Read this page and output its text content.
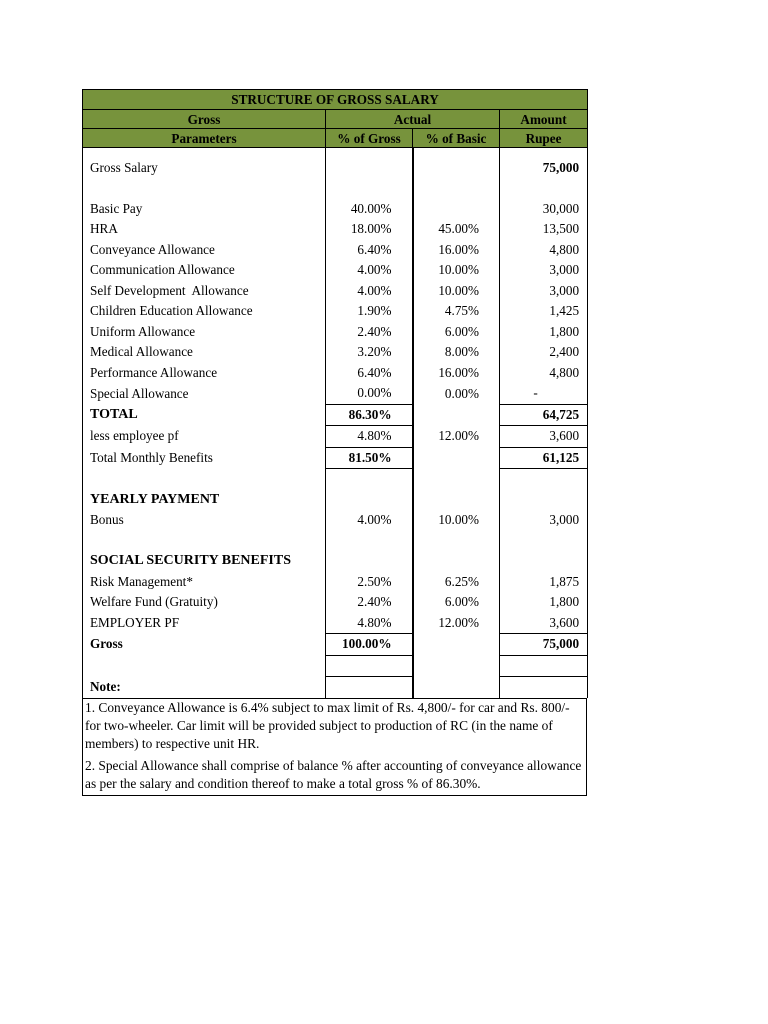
STRUCTURE OF GROSS SALARY			
Gross	Actual		Amount
Parameters	% of Gross	% of Basic	Rupee

Gross Salary			75,000

Basic Pay	40.00%		30,000
HRA	18.00%	45.00%	13,500
Conveyance Allowance	6.40%	16.00%	4,800
Communication Allowance	4.00%	10.00%	3,000
Self Development  Allowance	4.00%	10.00%	3,000
Children Education Allowance	1.90%	4.75%	1,425
Uniform Allowance	2.40%	6.00%	1,800
Medical Allowance	3.20%	8.00%	2,400
Performance Allowance	6.40%	16.00%	4,800
Special Allowance	0.00%	0.00%	-
TOTAL	86.30%		64,725
less employee pf	4.80%	12.00%	3,600
Total Monthly Benefits	81.50%		61,125

YEARLY PAYMENT			
Bonus	4.00%	10.00%	3,000

SOCIAL SECURITY BENEFITS			
Risk Management*	2.50%	6.25%	1,875
Welfare Fund (Gratuity)	2.40%	6.00%	1,800
EMPLOYER PF	4.80%	12.00%	3,600
Gross	100.00%		75,000

Note:			

1. Conveyance Allowance is 6.4% subject to max limit of Rs. 4,800/- for car and Rs. 800/- for two-wheeler. Car limit will be provided subject to production of RC (in the name of members) to respective unit HR.

2. Special Allowance shall comprise of balance % after accounting of conveyance allowance as per the salary and condition thereof to make a total gross % of 86.30%.
